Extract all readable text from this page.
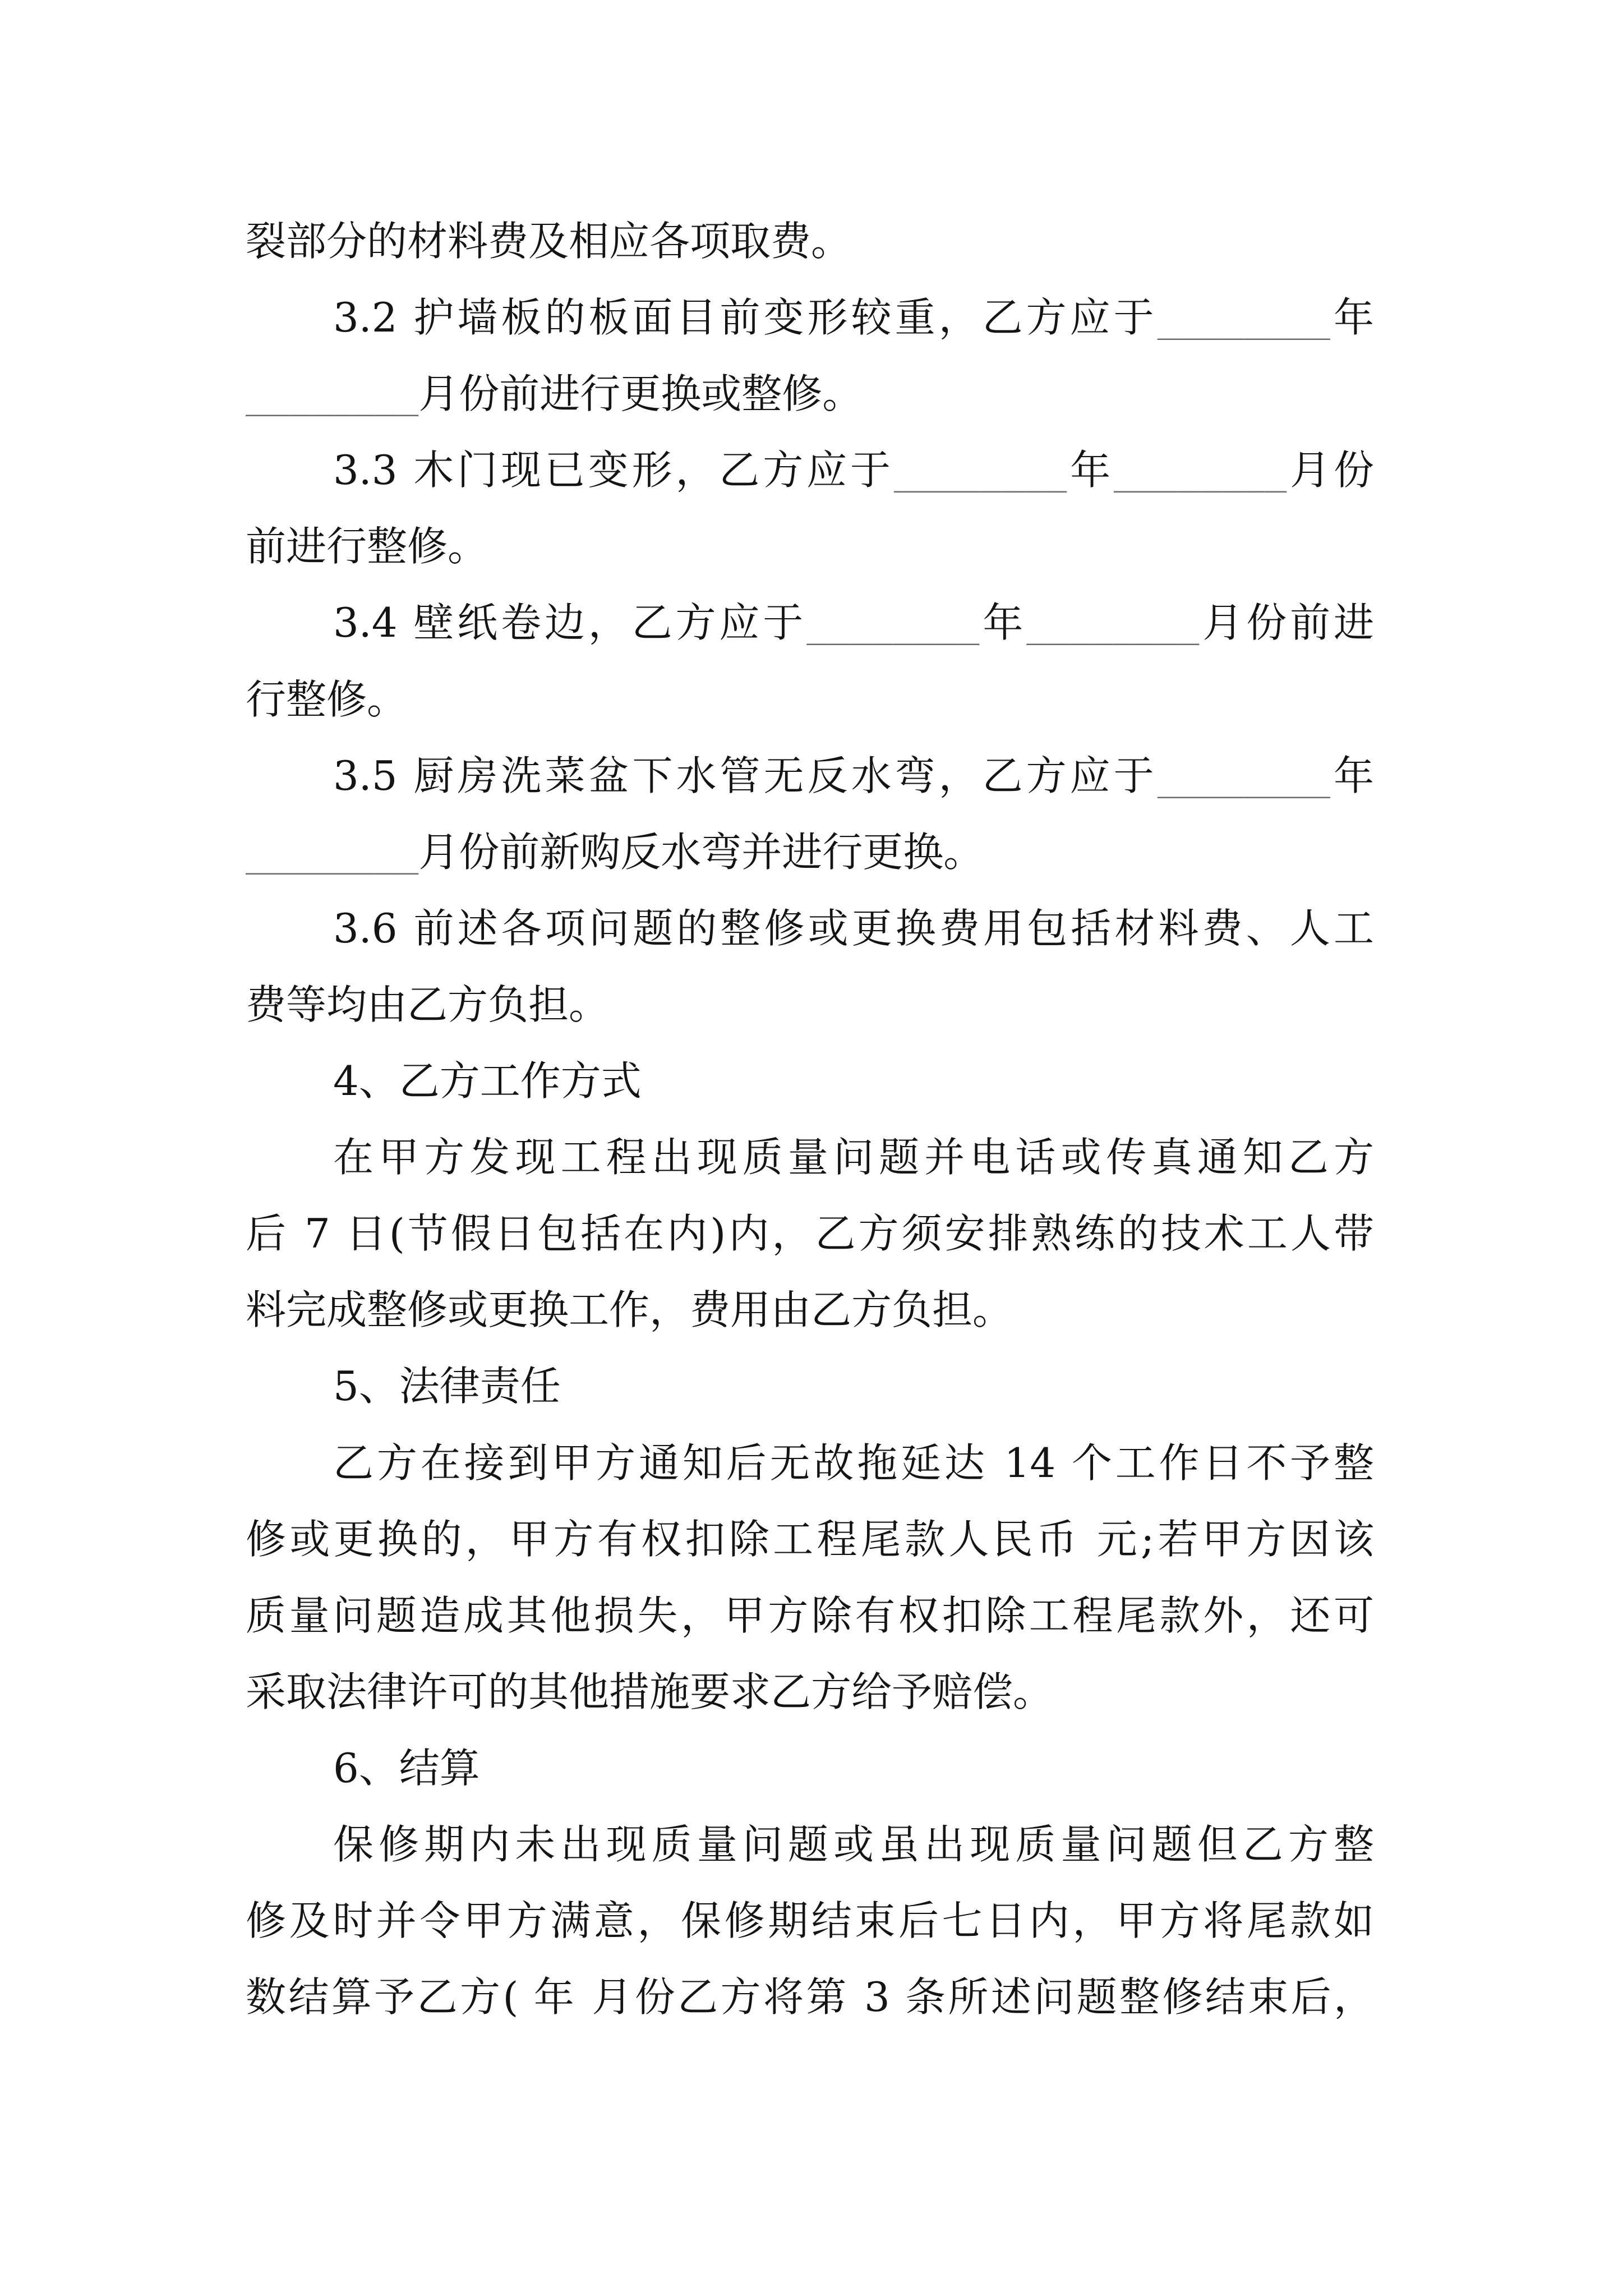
裂部分的材料费及相应各项取费。
3.2 护墙板的板面目前变形较重，乙方应于________年
________月份前进行更换或整修。
3.3 木门现已变形，乙方应于________年________月份
前进行整修。
3.4 壁纸卷边，乙方应于________年________月份前进
行整修。
3.5 厨房洗菜盆下水管无反水弯，乙方应于________年
________月份前新购反水弯并进行更换。
3.6 前述各项问题的整修或更换费用包括材料费、人工
费等均由乙方负担。
4、乙方工作方式
在甲方发现工程出现质量问题并电话或传真通知乙方
后 7 日(节假日包括在内)内，乙方须安排熟练的技术工人带
料完成整修或更换工作，费用由乙方负担。
5、法律责任
乙方在接到甲方通知后无故拖延达 14 个工作日不予整
修或更换的，甲方有权扣除工程尾款人民币 元;若甲方因该
质量问题造成其他损失，甲方除有权扣除工程尾款外，还可
采取法律许可的其他措施要求乙方给予赔偿。
6、结算
保修期内未出现质量问题或虽出现质量问题但乙方整
修及时并令甲方满意，保修期结束后七日内，甲方将尾款如
数结算予乙方( 年 月份乙方将第 3 条所述问题整修结束后，
